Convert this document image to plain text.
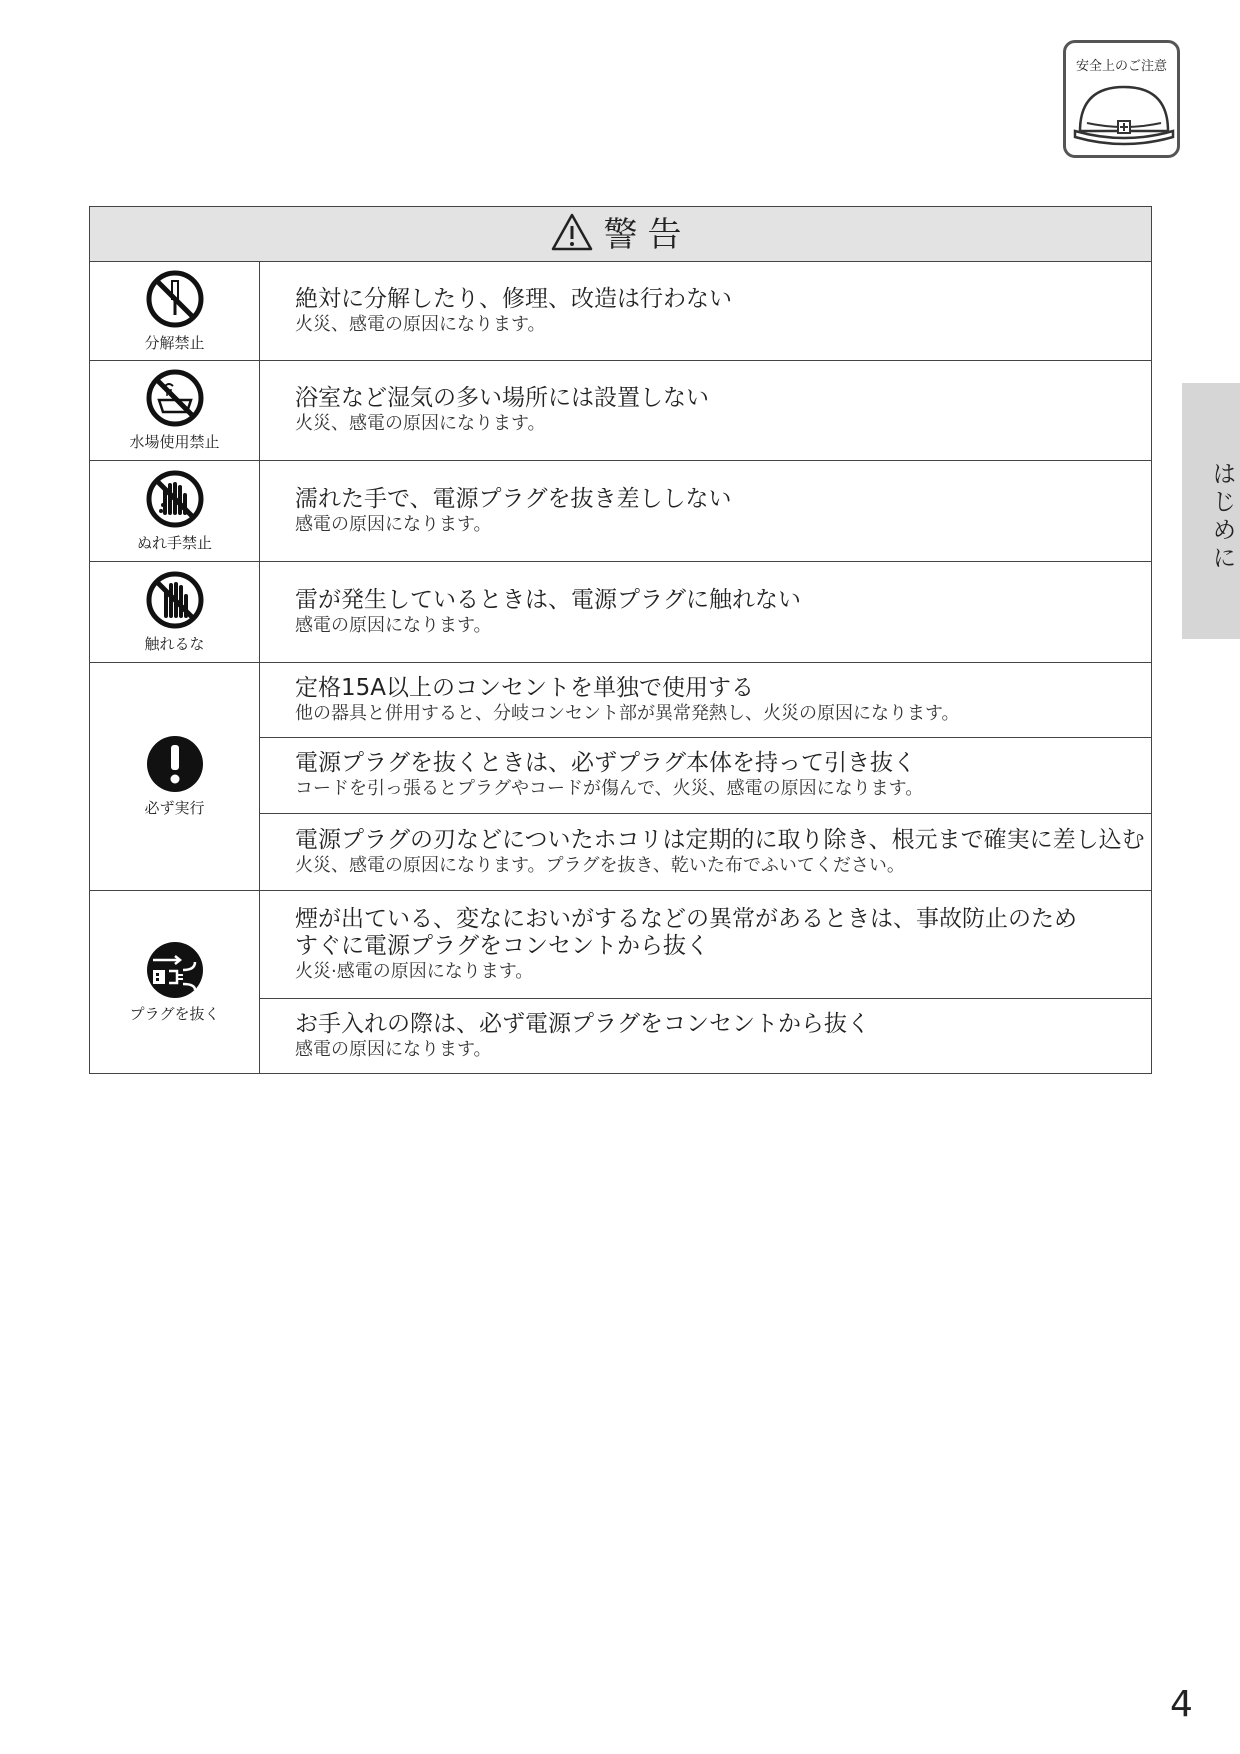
安全上のご注意
はじめに
警告	

分解禁止	絶対に分解したり、修理、改造は行わない
火災、感電の原因になります。

水場使用禁止	浴室など湿気の多い場所には設置しない
火災、感電の原因になります。

ぬれ手禁止	濡れた手で、電源プラグを抜き差ししない
感電の原因になります。

触れるな	雷が発生しているときは、電源プラグに触れない
感電の原因になります。

必ず実行	定格15A以上のコンセントを単独で使用する
他の器具と併用すると、分岐コンセント部が異常発熱し、火災の原因になります。

	電源プラグを抜くときは、必ずプラグ本体を持って引き抜く
コードを引っ張るとプラグやコードが傷んで、火災、感電の原因になります。

	電源プラグの刃などについたホコリは定期的に取り除き、根元まで確実に差し込む
火災、感電の原因になります。プラグを抜き、乾いた布でふいてください。

プラグを抜く	煙が出ている、変なにおいがするなどの異常があるときは、事故防止のため
すぐに電源プラグをコンセントから抜く
火災·感電の原因になります。

	お手入れの際は、必ず電源プラグをコンセントから抜く
感電の原因になります。
4
